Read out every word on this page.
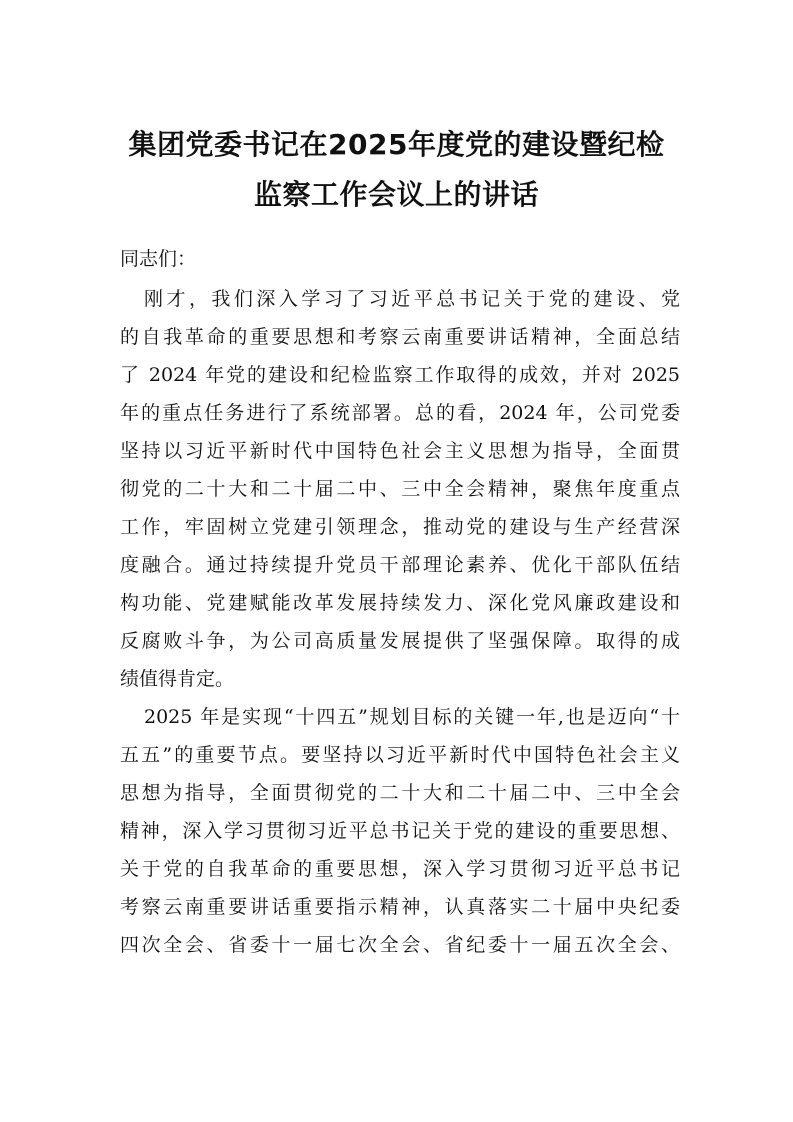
集团党委书记在2025年度党的建设暨纪检
监察工作会议上的讲话
同志们：
刚才，我们深入学习了习近平总书记关于党的建设、党
的自我革命的重要思想和考察云南重要讲话精神，全面总结
了 2024 年党的建设和纪检监察工作取得的成效，并对 2025
年的重点任务进行了系统部署。总的看，2024 年，公司党委
坚持以习近平新时代中国特色社会主义思想为指导，全面贯
彻党的二十大和二十届二中、三中全会精神，聚焦年度重点
工作，牢固树立党建引领理念，推动党的建设与生产经营深
度融合。通过持续提升党员干部理论素养、优化干部队伍结
构功能、党建赋能改革发展持续发力、深化党风廉政建设和
反腐败斗争，为公司高质量发展提供了坚强保障。取得的成
绩值得肯定。
2025 年是实现“十四五”规划目标的关键一年,也是迈向“十
五五”的重要节点。要坚持以习近平新时代中国特色社会主义
思想为指导，全面贯彻党的二十大和二十届二中、三中全会
精神，深入学习贯彻习近平总书记关于党的建设的重要思想、
关于党的自我革命的重要思想，深入学习贯彻习近平总书记
考察云南重要讲话重要指示精神，认真落实二十届中央纪委
四次全会、省委十一届七次全会、省纪委十一届五次全会、
